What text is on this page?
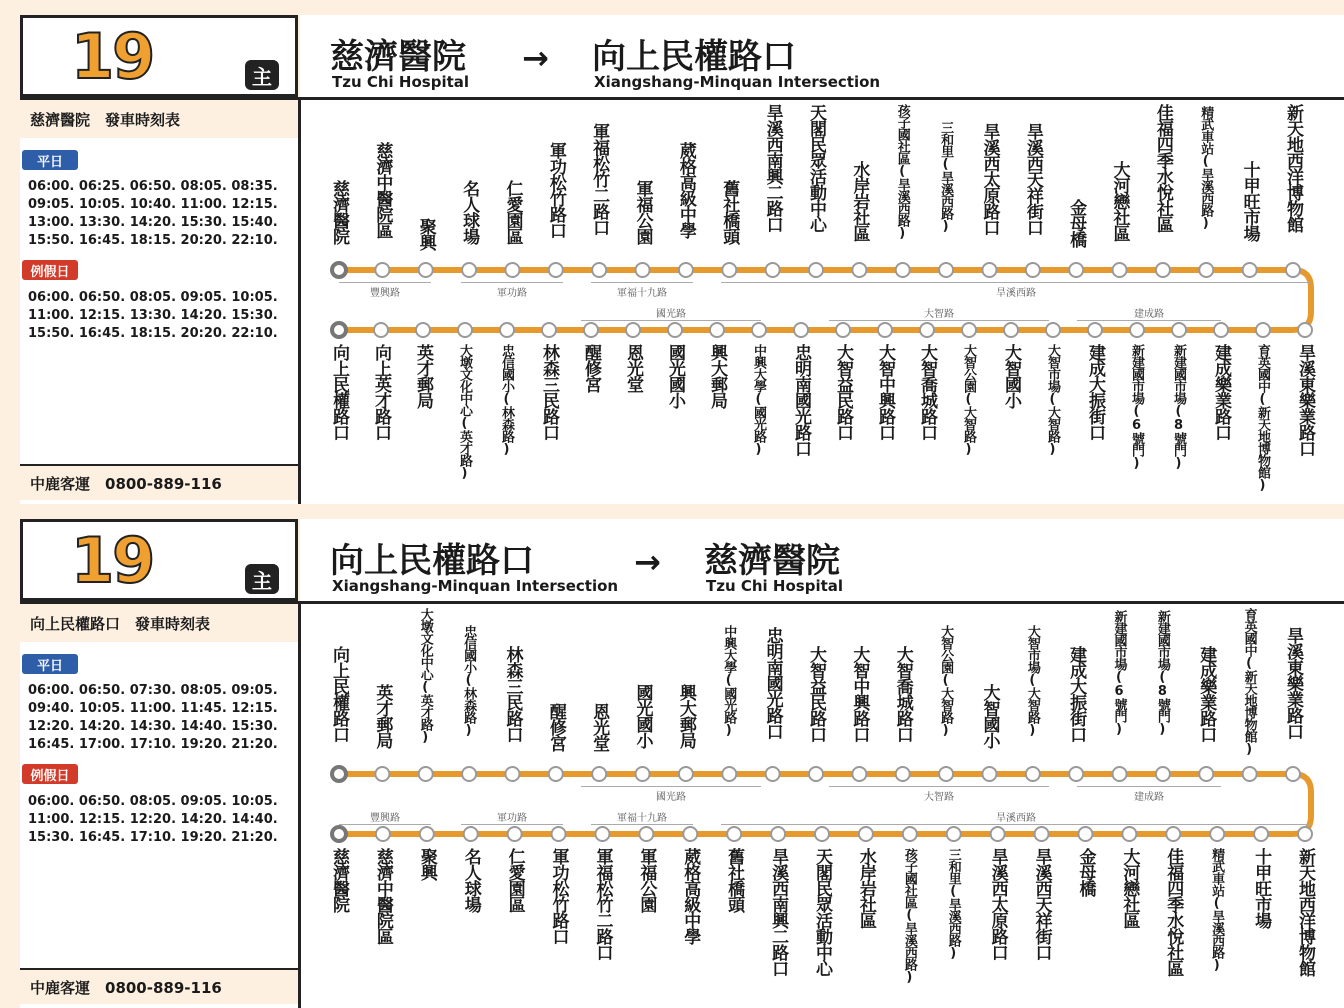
19	主 慈濟醫院
Tzu Chi Hospital
→ 向上民權路口
Xiangshang-Minquan Intersection
慈濟醫院　發車時刻表
平日
06:00. 06:25. 06:50. 08:05. 08:35.
09:05. 10:05. 10:40. 11:00. 12:15.
13:00. 13:30. 14:20. 15:30. 15:40.
15:50. 16:45. 18:15. 20:20. 22:10.
例假日
06:00. 06:50. 08:05. 09:05. 10:05.
11:00. 12:15. 13:30. 14:20. 15:30.
15:50. 16:45. 18:15. 20:20. 22:10.
中鹿客運　0800-889-116
慈濟醫院 慈濟中醫院區 聚興 名人球場 仁愛園區 軍功松竹路口 軍福松竹二路口 軍福公園 葳格高級中學 舊社橋頭 旱溪西南興二路口 天閣民眾活動中心 水岸岩社區 孩子國社區(旱溪西路) 三和里(旱溪西路) 旱溪西太原路口 旱溪西天祥街口 金母橋 大河戀社區 佳福四季水悅社區 精武車站(旱溪西路) 十甲旺市場 新天地西洋博物館
向上民權路口 向上英才路口 英才郵局 大墩文化中心(英才路) 忠信國小(林森路) 林森三民路口 醒修宮 恩光堂 國光國小 興大郵局 中興大學(國光路) 忠明南國光路口 大智益民路口 大智中興路口 大智喬城路口 大智公園(大智路) 大智國小 大智市場(大智路) 建成大振街口 新建國市場(6號門) 新建國市場(8號門) 建成樂業路口 育英國中(新天地博物館) 旱溪東樂業路口
豐興路	軍功路	軍福十九路	旱溪西路
國光路	大智路	建成路
19	主 向上民權路口
Xiangshang-Minquan Intersection
→ 慈濟醫院
Tzu Chi Hospital
向上民權路口　發車時刻表
平日
06:00. 06:50. 07:30. 08:05. 09:05.
09:40. 10:05. 11:00. 11:45. 12:15.
12:20. 14:20. 14:30. 14:40. 15:30.
16:45. 17:00. 17:10. 19:20. 21:20.
例假日
06:00. 06:50. 08:05. 09:05. 10:05.
11:00. 12:15. 12:20. 14:20. 14:40.
15:30. 16:45. 17:10. 19:20. 21:20.
中鹿客運　0800-889-116
向上民權路口 英才郵局 大墩文化中心(英才路) 忠信國小(林森路) 林森三民路口 醒修宮 恩光堂 國光國小 興大郵局 中興大學(國光路) 忠明南國光路口 大智益民路口 大智中興路口 大智喬城路口 大智公園(大智路) 大智國小 大智市場(大智路) 建成大振街口 新建國市場(6號門) 新建國市場(8號門) 建成樂業路口 育英國中(新天地博物館) 旱溪東樂業路口
慈濟醫院 慈濟中醫院區 聚興 名人球場 仁愛園區 軍功松竹路口 軍福松竹二路口 軍福公園 葳格高級中學 舊社橋頭 旱溪西南興二路口 天閣民眾活動中心 水岸岩社區 孩子國社區(旱溪西路) 三和里(旱溪西路) 旱溪西太原路口 旱溪西天祥街口 金母橋 大河戀社區 佳福四季水悅社區 精武車站(旱溪西路) 十甲旺市場 新天地西洋博物館
國光路	大智路	建成路
豐興路	軍功路	軍福十九路	旱溪西路
